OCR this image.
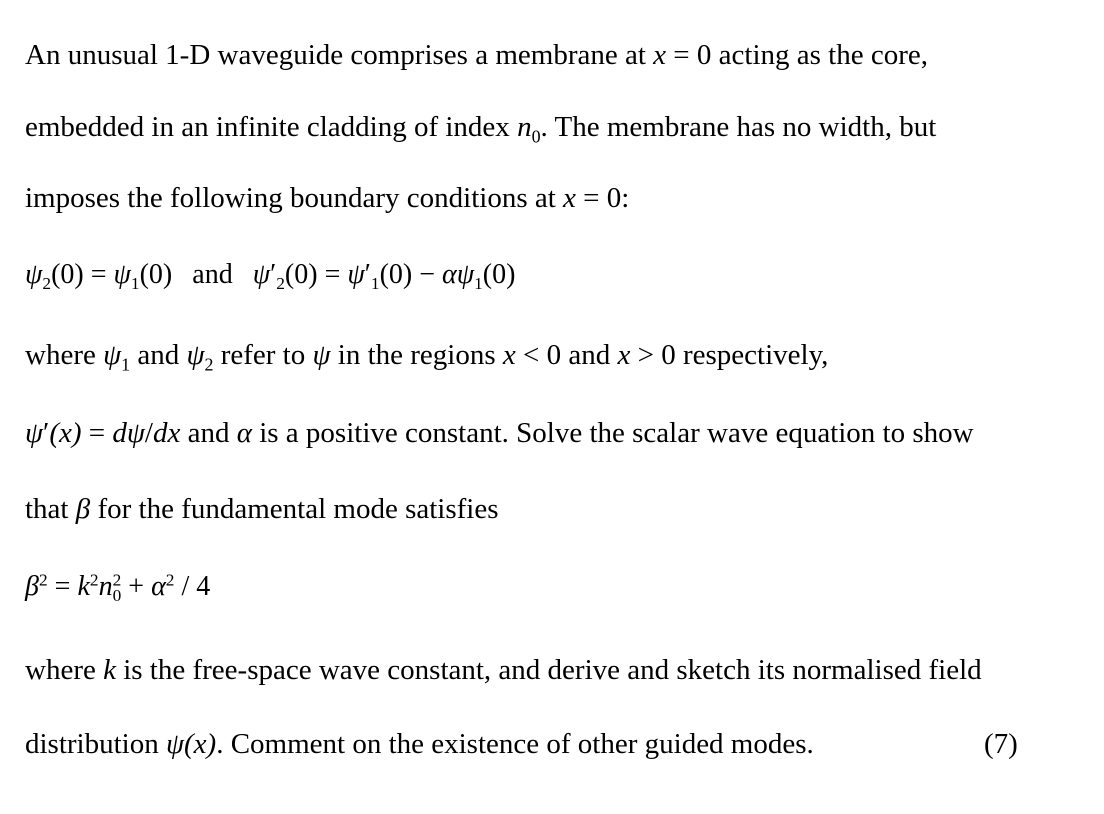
An unusual 1-D waveguide comprises a membrane at x = 0 acting as the core,
embedded in an infinite cladding of index $n_0$. The membrane has no width, but
imposes the following boundary conditions at x = 0:
$\psi_2(0) = \psi_1(0)$ and $\psi'_2(0) = \psi'_1(0) - \alpha\psi_1(0)$
where $\psi_1$ and $\psi_2$ refer to ψ in the regions x < 0 and x > 0 respectively,
ψ′(x) = dψ/dx and α is a positive constant. Solve the scalar wave equation to show
that β for the fundamental mode satisfies
$\beta^2 = k^2n^2_0 + \alpha^2 / 4$
where k is the free-space wave constant, and derive and sketch its normalised field
distribution ψ(x). Comment on the existence of other guided modes.	(7)
